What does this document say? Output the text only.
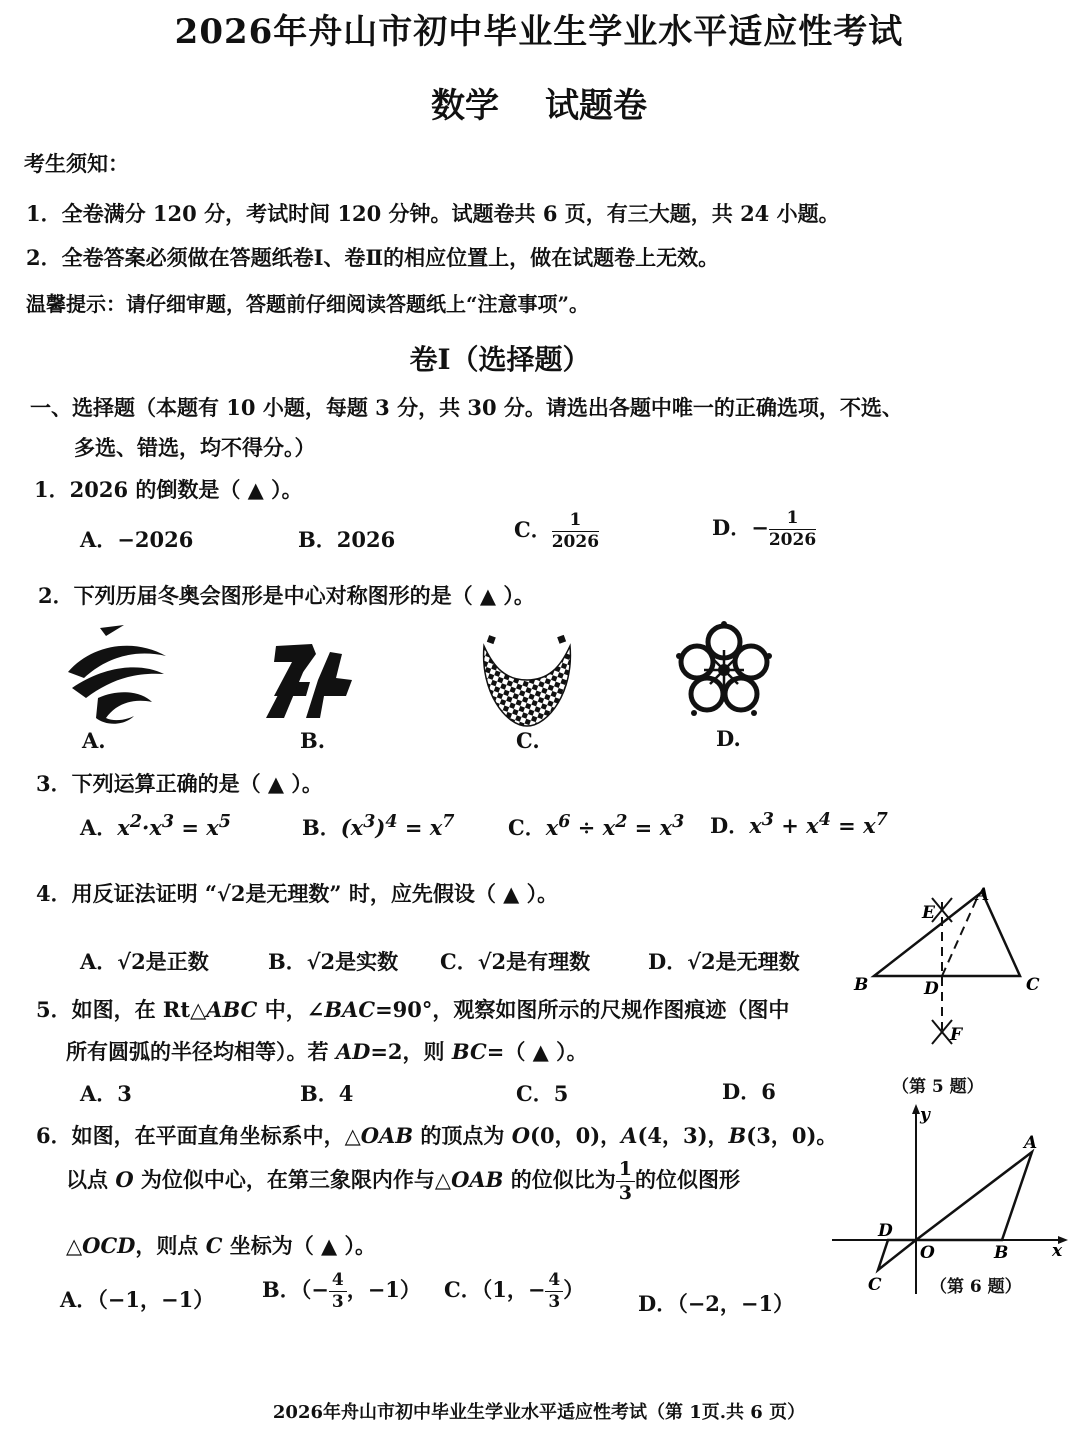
2026年舟山市初中毕业生学业水平适应性考试
数学 试题卷
考生须知：
1．全卷满分 120 分，考试时间 120 分钟。试题卷共 6 页，有三大题，共 24 小题。
2．全卷答案必须做在答题纸卷Ⅰ、卷Ⅱ的相应位置上，做在试题卷上无效。
温馨提示：请仔细审题，答题前仔细阅读答题纸上“注意事项”。
卷Ⅰ（选择题）
一、选择题（本题有 10 小题，每题 3 分，共 30 分。请选出各题中唯一的正确选项，不选、
多选、错选，均不得分。）
1．2026 的倒数是（ ▲ ）。
A．−2026	B．2026	C． $\frac{1}{2026}$	D．− $\frac{1}{2026}$
2．下列历届冬奥会图形是中心对称图形的是（ ▲ ）。
A.	B.	C.	D.
3．下列运算正确的是（ ▲ ）。
A．$x^2\cdot x^3 = x^5$	B．$(x^3)^4 = x^7$	C．$x^6 \div x^2 = x^3$ D．$x^3 + x^4 = x^7$
4．用反证法证明 “√2是无理数” 时，应先假设（ ▲ ）。
A．√2是正数	B．√2是实数 C．√2是有理数	D．√2是无理数
5．如图，在 Rt△ABC 中，∠BAC=90°，观察如图所示的尺规作图痕迹（图中
所有圆弧的半径均相等）。若 AD=2，则 BC=（ ▲ ）。
A．3	B．4	C．5	D．6
A
B	C
D
E
F
（第 5 题）
6．如图，在平面直角坐标系中，△OAB 的顶点为 O(0，0)，A(4，3)，B(3，0)。
以点 O 为位似中心，在第三象限内作与△OAB 的位似比为 $\frac{1}{3}$ 的位似图形
△OCD，则点 C 坐标为（ ▲ ）。
A．（−1，−1） B．（− $\frac{4}{3}$ ，−1） C．（1，− $\frac{4}{3}$ ）
D．（−2，−1）
y
x
A
B
C
D
O
（第 6 题）
2026年舟山市初中毕业生学业水平适应性考试（第 1页.共 6 页）
